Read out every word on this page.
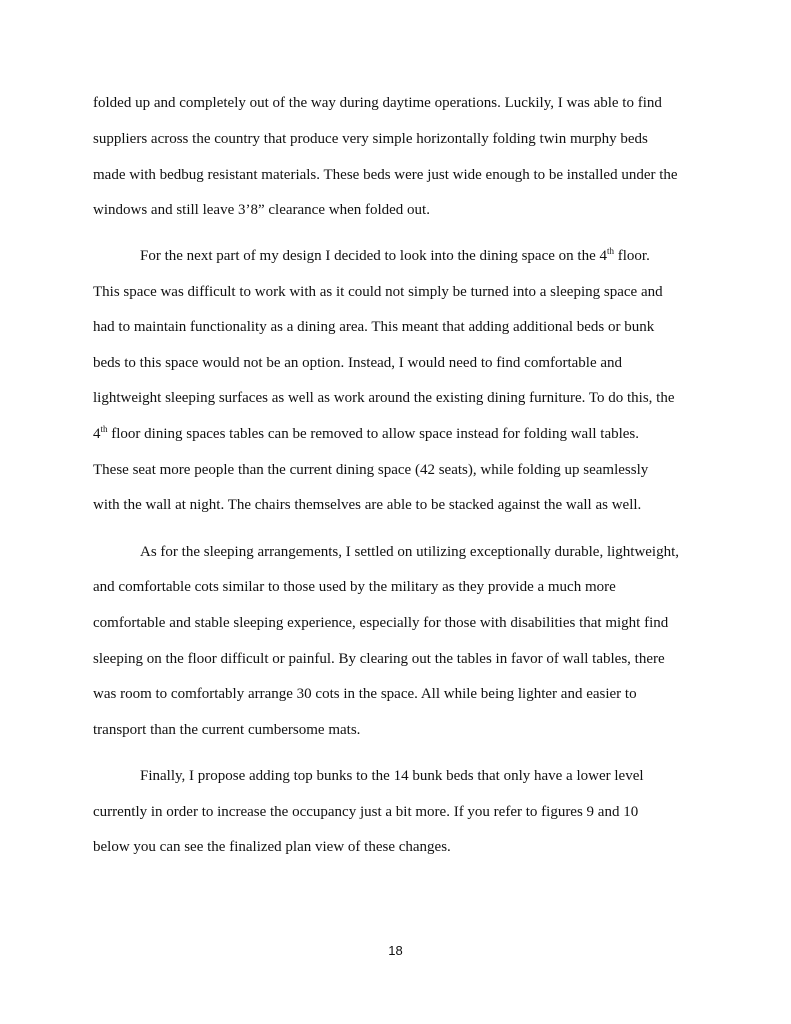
folded up and completely out of the way during daytime operations. Luckily, I was able to find
suppliers across the country that produce very simple horizontally folding twin murphy beds
made with bedbug resistant materials. These beds were just wide enough to be installed under the
windows and still leave 3’8” clearance when folded out.
For the next part of my design I decided to look into the dining space on the 4th floor.
This space was difficult to work with as it could not simply be turned into a sleeping space and
had to maintain functionality as a dining area. This meant that adding additional beds or bunk
beds to this space would not be an option. Instead, I would need to find comfortable and
lightweight sleeping surfaces as well as work around the existing dining furniture. To do this, the
4th floor dining spaces tables can be removed to allow space instead for folding wall tables.
These seat more people than the current dining space (42 seats), while folding up seamlessly
with the wall at night. The chairs themselves are able to be stacked against the wall as well.
As for the sleeping arrangements, I settled on utilizing exceptionally durable, lightweight,
and comfortable cots similar to those used by the military as they provide a much more
comfortable and stable sleeping experience, especially for those with disabilities that might find
sleeping on the floor difficult or painful. By clearing out the tables in favor of wall tables, there
was room to comfortably arrange 30 cots in the space. All while being lighter and easier to
transport than the current cumbersome mats.
Finally, I propose adding top bunks to the 14 bunk beds that only have a lower level
currently in order to increase the occupancy just a bit more. If you refer to figures 9 and 10
below you can see the finalized plan view of these changes.
18
